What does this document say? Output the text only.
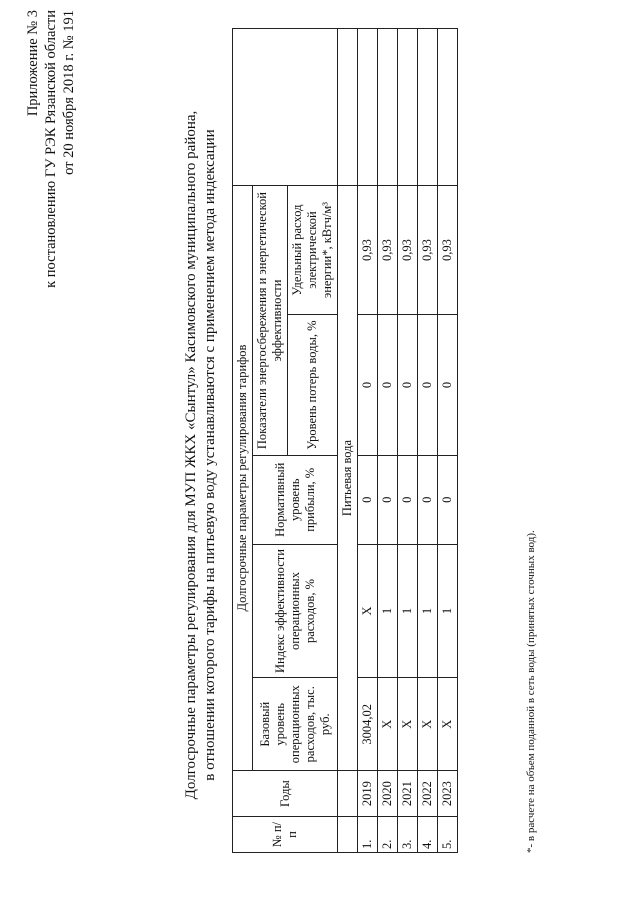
Приложение № 3 к постановлению ГУ РЭК Рязанской области от 20 ноября 2018 г. № 191
Долгосрочные параметры регулирования для МУП ЖКХ «Сынтул» Касимовского муниципального района, в отношении которого тарифы на питьевую воду устанавливаются с применением метода индексации
№ п/п	Годы	Долгосрочные параметры регулирования тарифов					
		Базовый уровень операционных расходов, тыс. руб.	Индекс эффективности операционных расходов, %	Нормативный уровень прибыли, %	Показатели энергосбережения и энергетической эффективности		
					Уровень потерь воды, %	Удельный расход электрической энергии*, кВтч/м³	
		Питьевая вода					
1.	2019	3004,02	X	0	0	0,93	
2.	2020	X	1	0	0	0,93	
3.	2021	X	1	0	0	0,93	
4.	2022	X	1	0	0	0,93	
5.	2023	X	1	0	0	0,93	
*- в расчете на объем поданной в сеть воды (принятых сточных вод).
